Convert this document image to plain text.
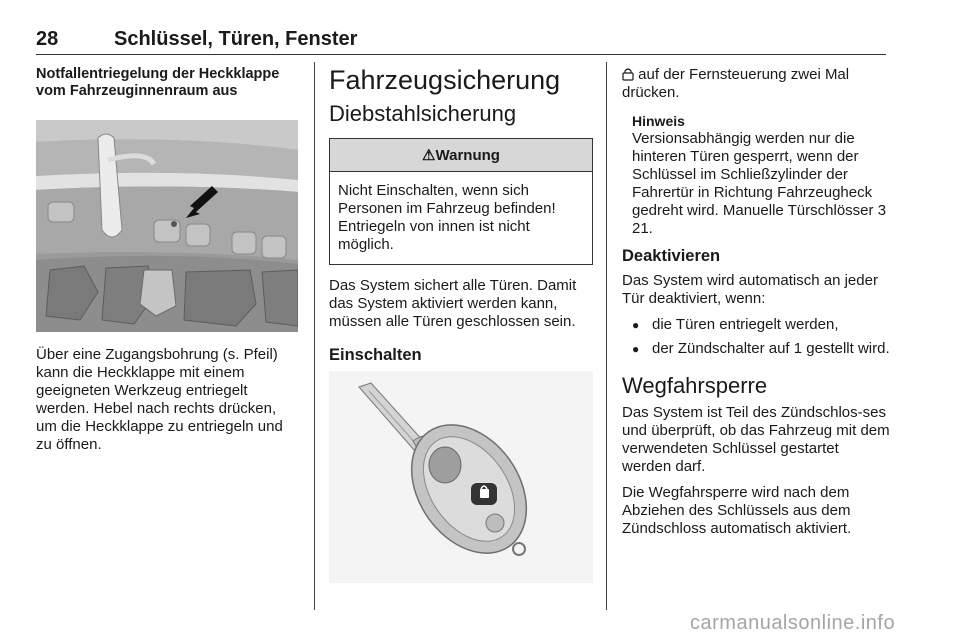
28	Schlüssel, Türen, Fenster

Notfallentriegelung der Heckklappe vom Fahrzeuginnenraum aus

Über eine Zugangsbohrung (s. Pfeil) kann die Heckklappe mit einem geeigneten Werkzeug entriegelt werden. Hebel nach rechts drücken, um die Heckklappe zu entriegeln und zu öffnen.

Fahrzeugsicherung
Diebstahlsicherung
⚠Warnung
Nicht Einschalten, wenn sich Personen im Fahrzeug befinden! Entriegeln von innen ist nicht möglich.

Das System sichert alle Türen. Damit das System aktiviert werden kann, müssen alle Türen geschlossen sein.

Einschalten

auf der Fernsteuerung zwei Mal drücken.

Hinweis
Versionsabhängig werden nur die hinteren Türen gesperrt, wenn der Schlüssel im Schließzylinder der Fahrertür in Richtung Fahrzeugheck gedreht wird. Manuelle Türschlösser 3 21.

Deaktivieren

Das System wird automatisch an jeder Tür deaktiviert, wenn:

● die Türen entriegelt werden,
● der Zündschalter auf 1 gestellt wird.
Wegfahrsperre

Das System ist Teil des Zündschlos-ses und überprüft, ob das Fahrzeug mit dem verwendeten Schlüssel gestartet werden darf.

Die Wegfahrsperre wird nach dem Abziehen des Schlüssels aus dem Zündschloss automatisch aktiviert.

carmanualsonline.info
